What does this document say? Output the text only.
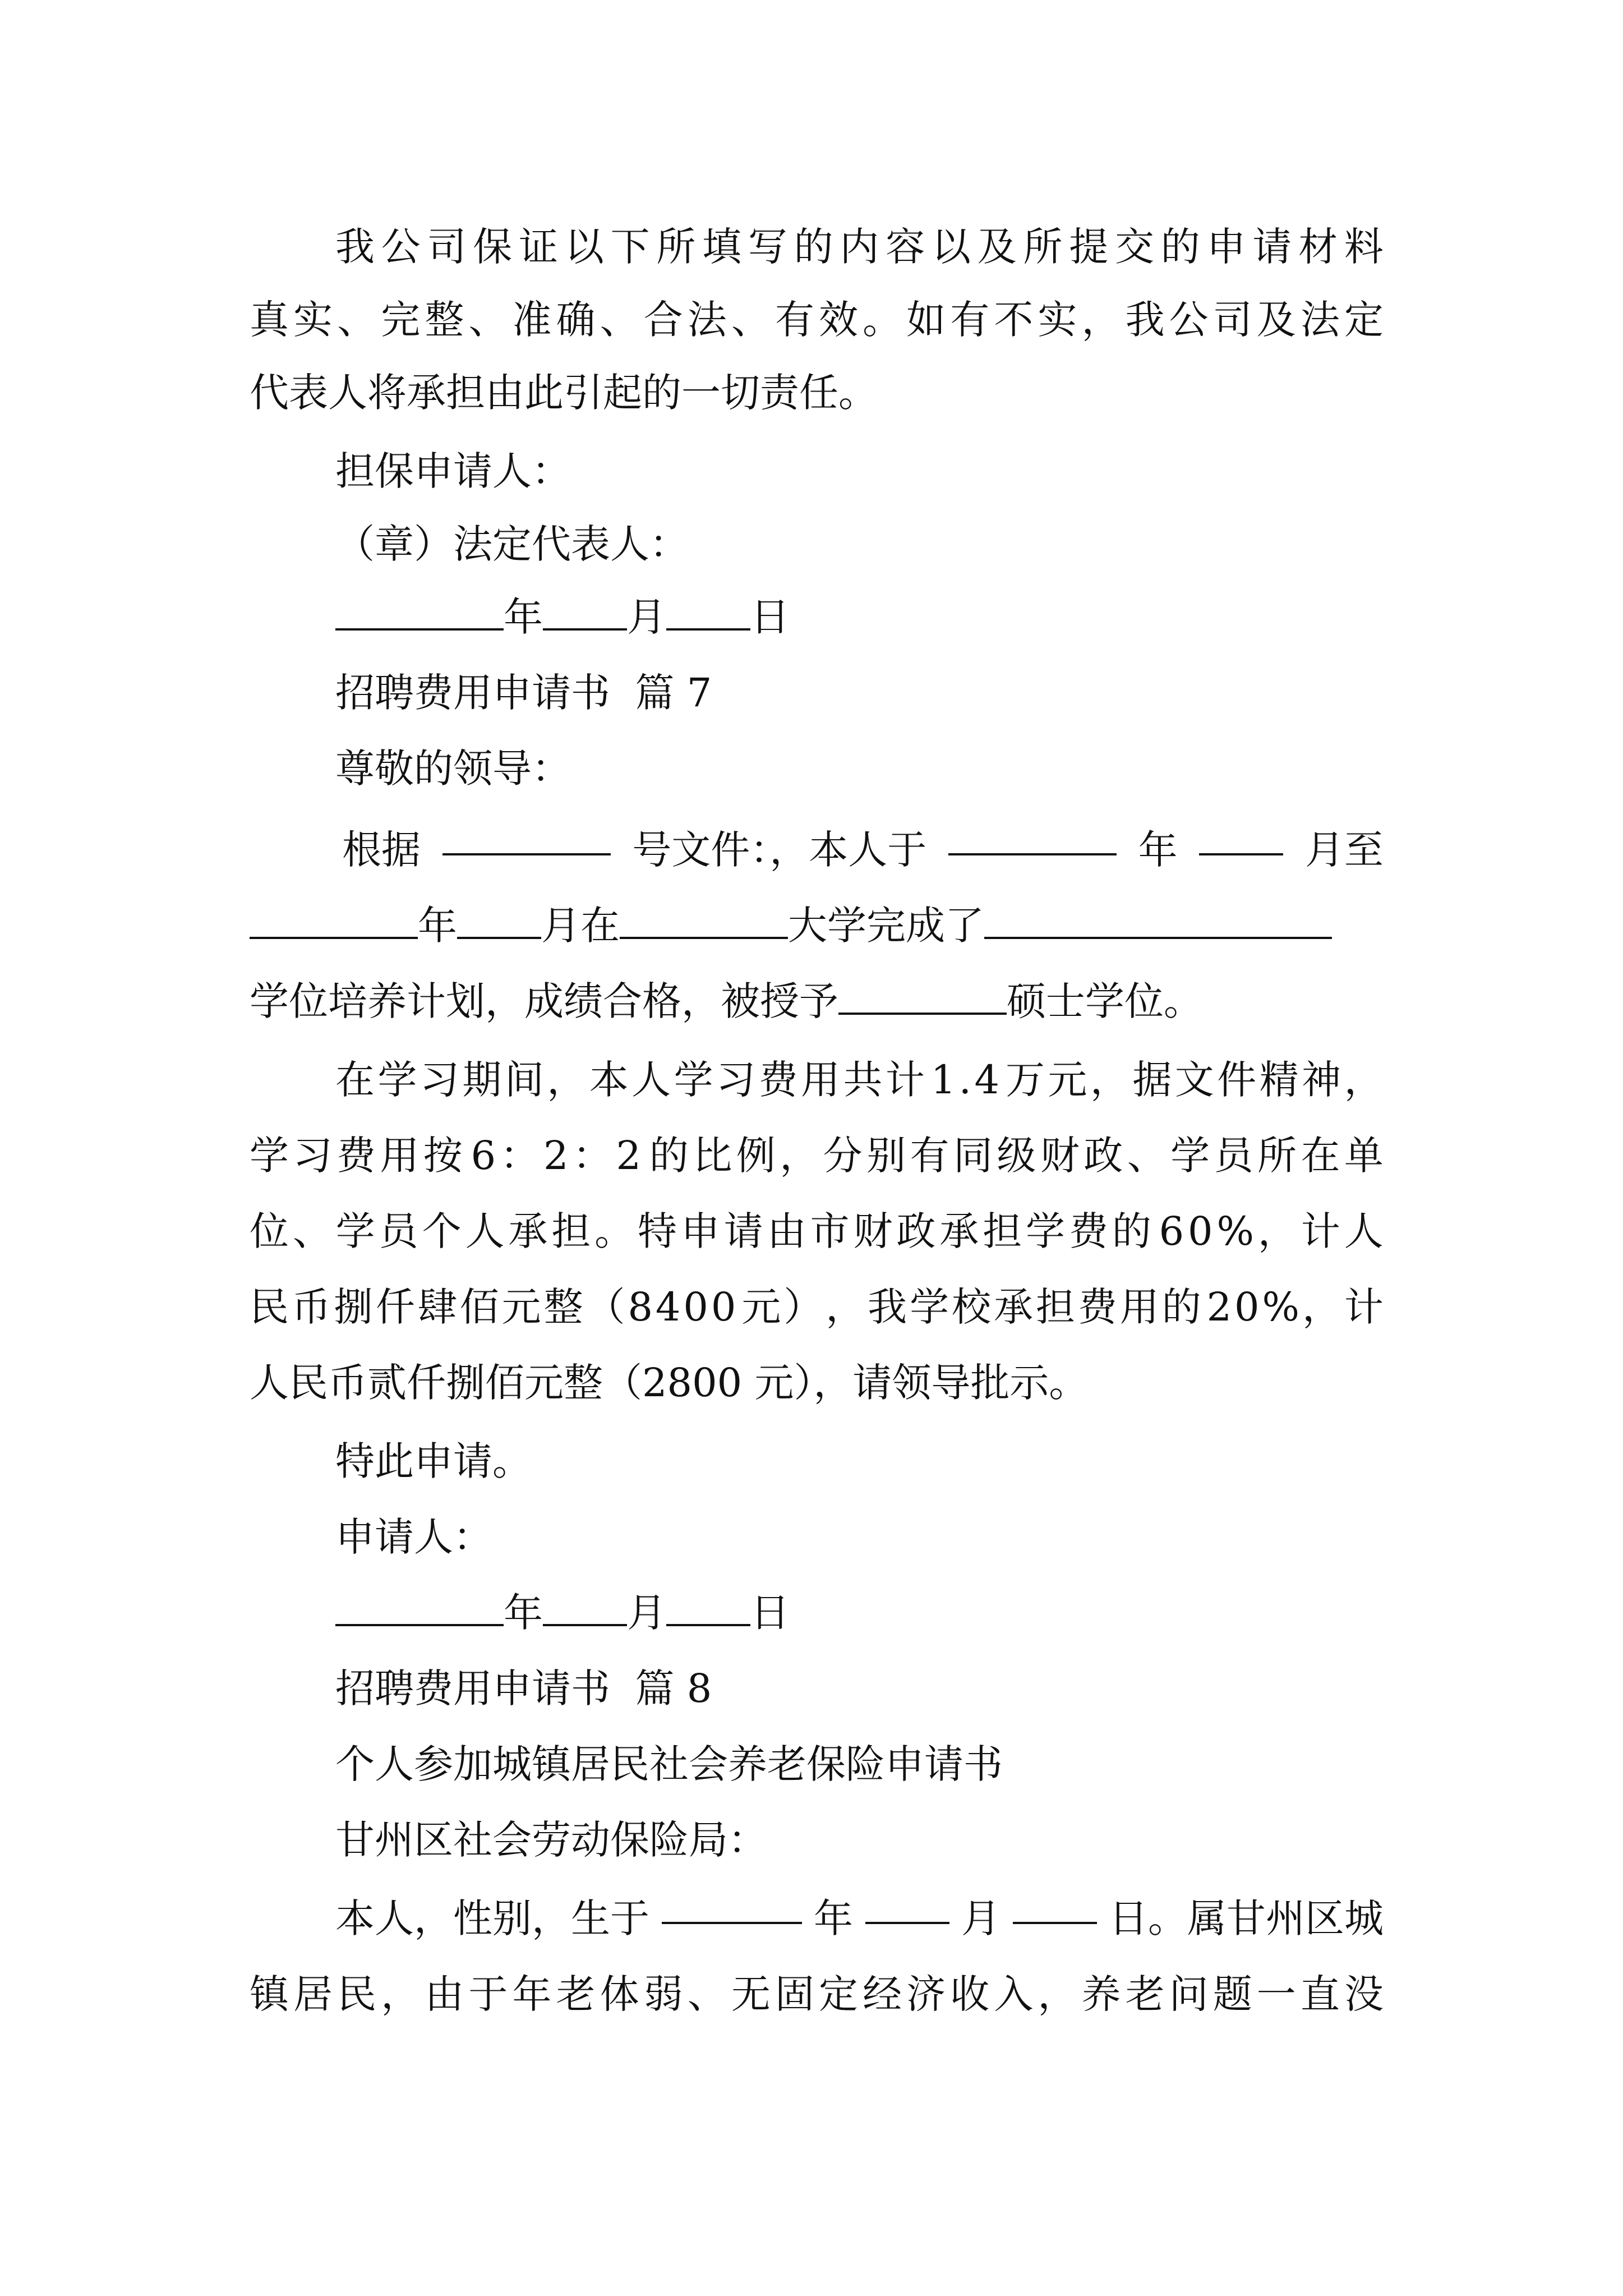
我 公 司 保 证 以 下 所 填 写 的 内 容 以 及 所 提 交 的 申 请 材 料
真 实 、 完 整 、 准 确 、 合 法 、 有 效 。 如 有 不 实 ， 我 公 司 及 法 定
代表人将承担由此引起的一切责任。
担保申请人：
（章）法定代表人：
年 月 日
招聘费用申请书  篇 7
尊敬的领导：
根据	号文件：，本人于	年	月至
年 月在	大学完成了
学位培养计划，成绩合格，被授予	硕士学位。
在 学 习 期 间 ， 本 人 学 习 费 用 共 计 1 . 4 万 元 ， 据 文 件 精 神 ，
学 习 费 用 按 6 ： 2 ： 2 的 比 例 ， 分 别 有 同 级 财 政 、 学 员 所 在 单
位 、 学 员 个 人 承 担 。 特 申 请 由 市 财 政 承 担 学 费 的 6 0 % ， 计 人
民 币 捌 仟 肆 佰 元 整 （ 8 4 0 0 元 ） ， 我 学 校 承 担 费 用 的 2 0 % ， 计
人民币贰仟捌佰元整（2800 元），请领导批示。
特此申请。
申请人：
年 月 日
招聘费用申请书  篇 8
个人参加城镇居民社会养老保险申请书
甘州区社会劳动保险局：
本人，性别，生于	年	月	日。属甘州区城
镇 居 民 ， 由 于 年 老 体 弱 、 无 固 定 经 济 收 入 ， 养 老 问 题 一 直 没
